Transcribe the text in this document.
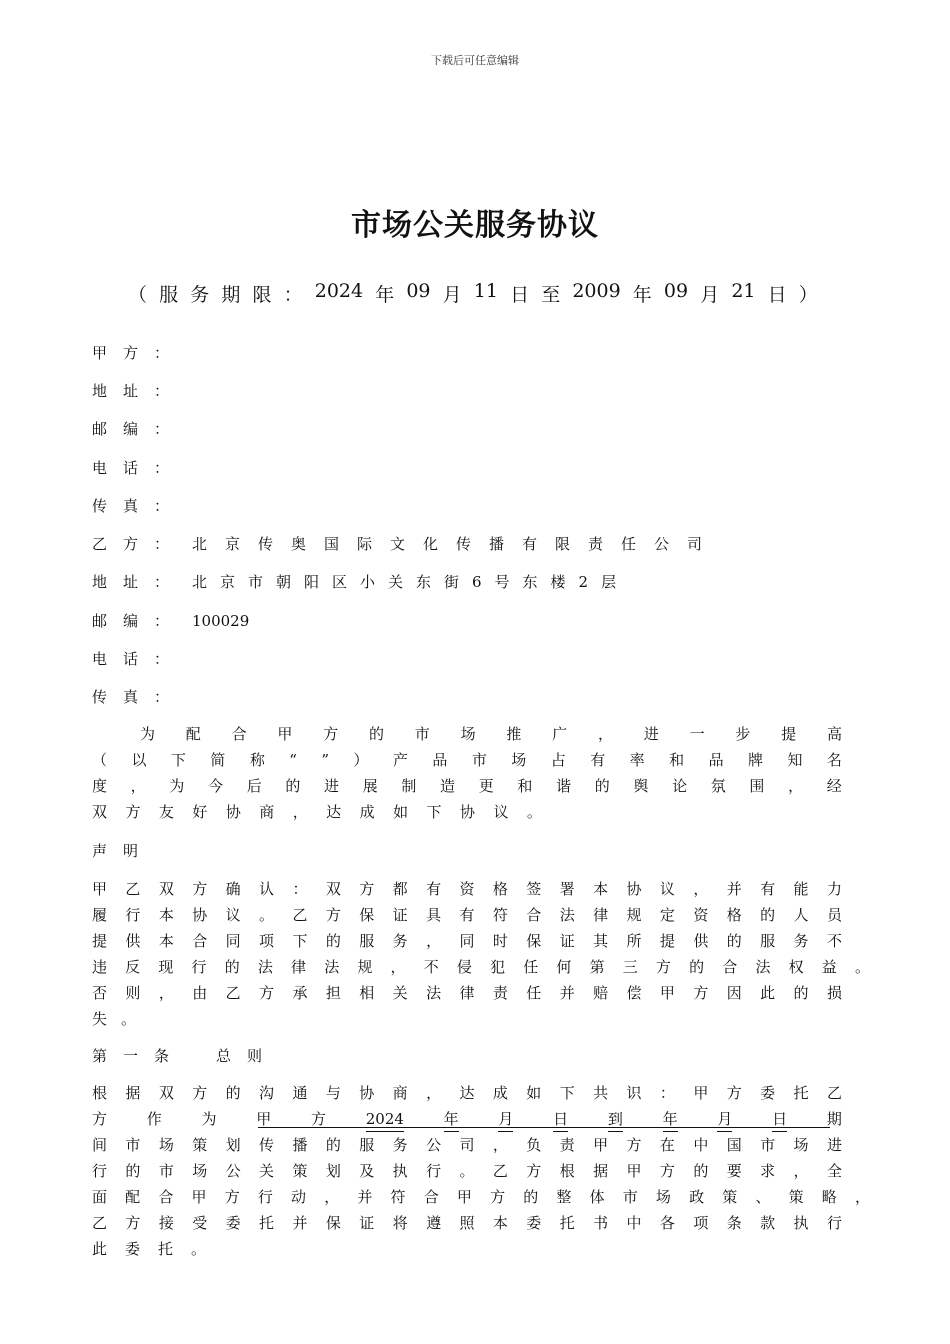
下载后可任意编辑
市场公关服务协议
（ 服 务 期 限 ： 2024 年 09 月 11 日 至 2009 年 09 月 21 日 ）
甲方：
地址：
邮编：
电话：
传真：
乙方： 北京传奥国际文化传播有限责任公司
地址： 北京市朝阳区小关东街6号东楼2层
邮编： 100029
电话：
传真：
为 配 合 甲 方 的 市 场 推 广 ， 进 一 步 提 高
（ 以 下 简 称 “ ” ） 产 品 市 场 占 有 率 和 品 牌 知 名
度 ， 为 今 后 的 进 展 制 造 更 和 谐 的 舆 论 氛 围 ， 经
双 方 友 好 协 商 ， 达 成 如 下 协 议 。
声明
甲 乙 双 方 确 认 ： 双 方 都 有 资 格 签 署 本 协 议 ， 并 有 能 力
履 行 本 协 议 。 乙 方 保 证 具 有 符 合 法 律 规 定 资 格 的 人 员
提 供 本 合 同 项 下 的 服 务 ， 同 时 保 证 其 所 提 供 的 服 务 不
违 反 现 行 的 法 律 法 规 ， 不 侵 犯 任 何 第 三 方 的 合 法 权 益 。
否 则 ， 由 乙 方 承 担 相 关 法 律 责 任 并 赔 偿 甲 方 因 此 的 损
失 。
第一条　总则
根 据 双 方 的 沟 通 与 协 商 ， 达 成 如 下 共 识 ： 甲 方 委 托 乙
方	作	为	甲	方	2024	年	月	日	到	年	月	日	期
间 市 场 策 划 传 播 的 服 务 公 司 ， 负 责 甲 方 在 中 国 市 场 进
行 的 市 场 公 关 策 划 及 执 行 。 乙 方 根 据 甲 方 的 要 求 ， 全
面 配 合 甲 方 行 动 ， 并 符 合 甲 方 的 整 体 市 场 政 策 、 策 略 ，
乙 方 接 受 委 托 并 保 证 将 遵 照 本 委 托 书 中 各 项 条 款 执 行
此 委 托 。
